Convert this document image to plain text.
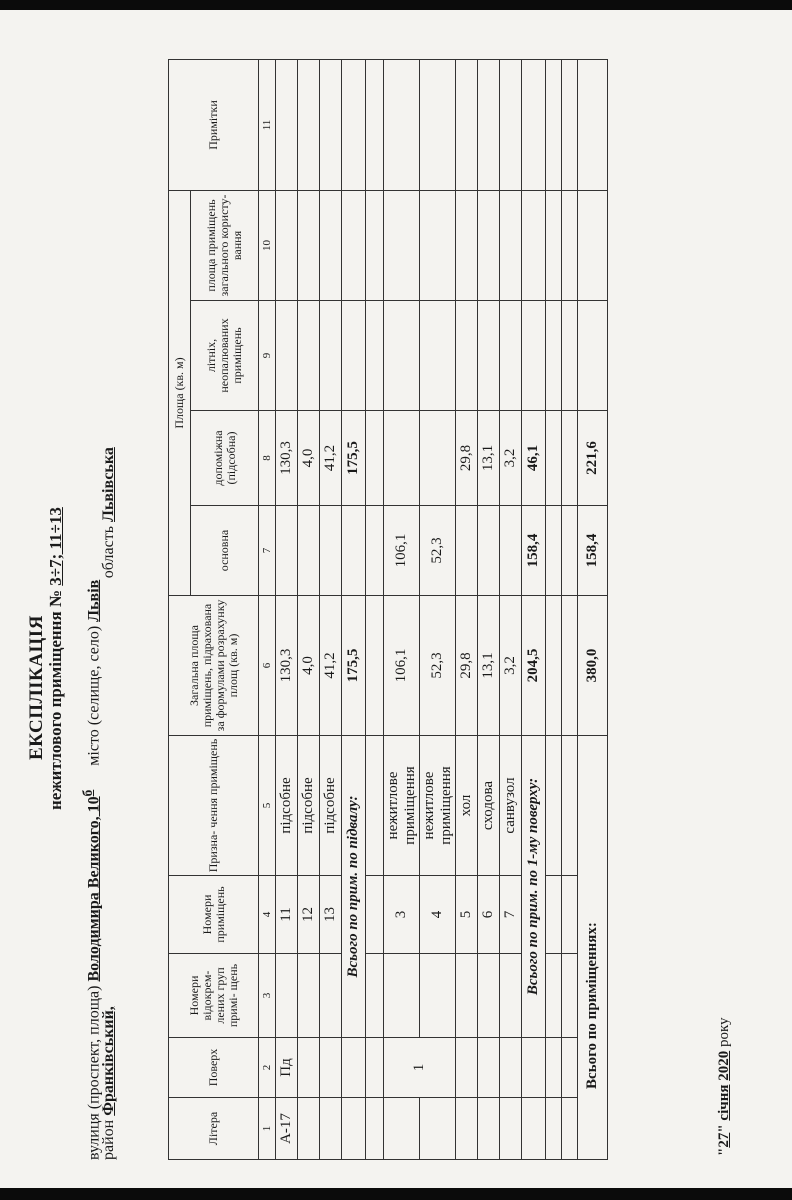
ЕКСПЛІКАЦІЯ нежитлового приміщення № 3÷7; 11÷13
вулиця (проспект, площа) Володимира Великого, $10^б$      місто (селище, село) Львів
район Франківський,  область Львівська
Літера	Поверх	Номери відокрем- лених груп примі- щень	Номери приміщень	Призна- чення приміщень	Загальна площа приміщень, підрахована за формулами розрахунку площ (кв. м)	Площа (кв. м)				Примітки
						основна	допоміжна (підсобна)	літніх, неопалюваних приміщень	площа приміщень загального користу- вання	
1	2	3	4	5	6	7	8	9	10	11
А-17	Пд		11	підсобне	130,3		130,3			
			12	підсобне	4,0		4,0			
			13	підсобне	41,2		41,2			
		Всього по прим. по підвалу:			175,5		175,5			

	1		3	нежитлове приміщення	106,1	106,1				
			4	нежитлове приміщення	52,3	52,3				
			5	хол	29,8		29,8			
			6	сходова	13,1		13,1			
			7	санвузол	3,2		3,2			
		Всього по прим. по 1-му поверху:			204,5	158,4	46,1			

Всього по приміщеннях:					380,0	158,4	221,6			
"27" січня 2020 року
